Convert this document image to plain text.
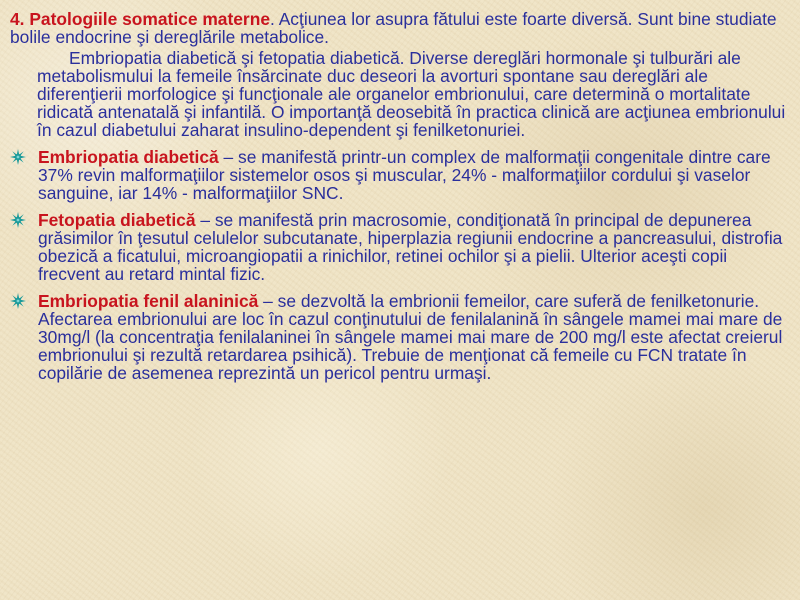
4. Patologiile somatice materne. Acţiunea lor asupra fătului este foarte diversă. Sunt bine studiate bolile endocrine şi dereglările metabolice.

Embriopatia diabetică şi fetopatia diabetică. Diverse dereglări hormonale şi tulburări ale metabolismului la femeile însărcinate duc deseori la avorturi spontane sau dereglări ale diferenţierii morfologice şi funcţionale ale organelor embrionului, care determină o mortalitate ridicată antenatală şi infantilă. O importanţă deosebită în practica clinică are acţiunea embrionului în cazul diabetului zaharat insulino-dependent şi fenilketonuriei.

Embriopatia diabetică – se manifestă printr-un complex de malformaţii congenitale dintre care 37% revin malformaţiilor sistemelor osos şi muscular, 24% - malformaţiilor cordului şi vaselor sanguine, iar 14% - malformaţiilor SNC.

Fetopatia diabetică – se manifestă prin macrosomie, condiţionată în principal de depunerea grăsimilor în ţesutul celulelor subcutanate, hiperplazia regiunii endocrine a pancreasului, distrofia obezică a ficatului, microangiopatii a rinichilor, retinei ochilor şi a pielii. Ulterior aceşti copii frecvent au retard mintal fizic.

Embriopatia fenil alaninică – se dezvoltă la embrionii femeilor, care suferă de fenilketonurie. Afectarea embrionului are loc în cazul conţinutului de fenilalanină în sângele mamei mai mare de 30mg/l (la concentraţia fenilalaninei în sângele mamei mai mare de 200 mg/l este afectat creierul embrionului şi rezultă retardarea psihică). Trebuie de menţionat că femeile cu FCN tratate în copilărie de asemenea reprezintă un pericol pentru urmaşi.
